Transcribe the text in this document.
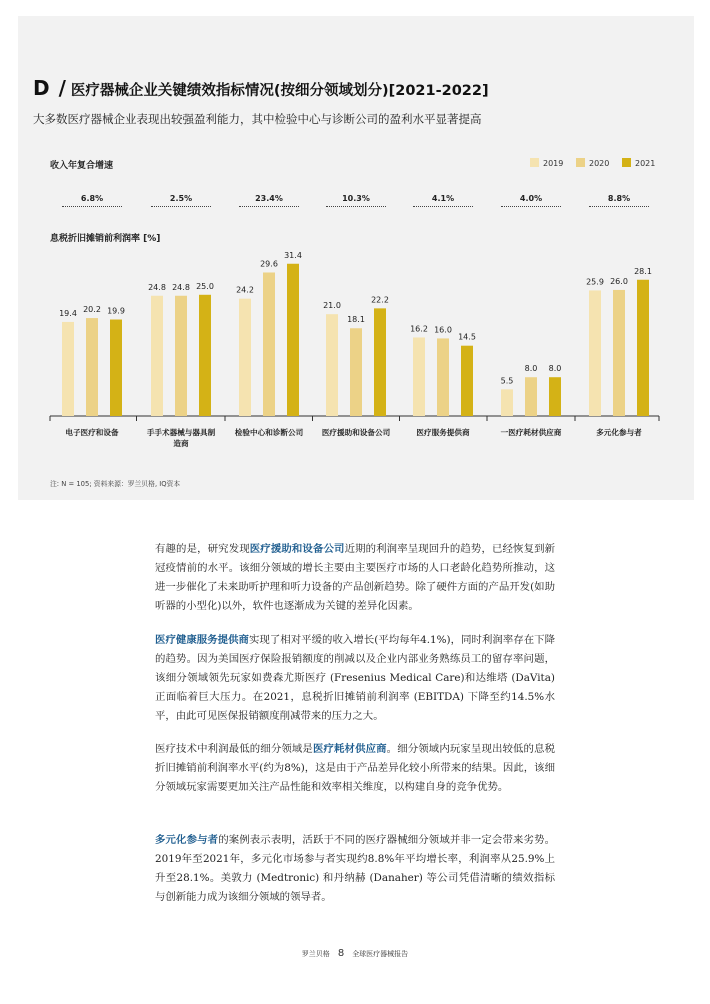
D / 医疗器械企业关键绩效指标情况(按细分领域划分)[2021-2022]
大多数医疗器械企业表现出较强盈利能力，其中检验中心与诊断公司的盈利水平显著提高
收入年复合增速	2019	2020	2021
6.8%	2.5%	23.4%	10.3%	4.1%	4.0%	8.8%
息税折旧摊销前利润率 [%]
19.4 20.2 19.9
24.8 24.8 25.0	24.2
29.6
31.4
21.0
18.1
22.2
16.2 16.0
14.5
5.5
8.0 8.0
25.9 26.0
28.1
电子医疗和设备	手手术器械与器具制
造商
检验中心和诊断公司	医疗援助和设备公司	医疗服务提供商	一医疗耗材供应商	多元化参与者
注: N = 105; 资料来源：罗兰贝格, IQ资本
有趣的是，研究发现医疗援助和设备公司近期的利润率呈现回升的趋势，已经恢复到新冠疫情前的水平。该细分领域的增长主要由主要医疗市场的人口老龄化趋势所推动，这进一步催化了未来助听护理和听力设备的产品创新趋势。除了硬件方面的产品开发(如助听器的小型化)以外，软件也逐渐成为关键的差异化因素。
医疗健康服务提供商实现了相对平缓的收入增长(平均每年4.1%)，同时利润率存在下降的趋势。因为美国医疗保险报销额度的削减以及企业内部业务熟练员工的留存率问题，该细分领域领先玩家如费森尤斯医疗 (Fresenius Medical Care)和达维塔 (DaVita) 正面临着巨大压力。在2021，息税折旧摊销前利润率 (EBITDA) 下降至约14.5%水平，由此可见医保报销额度削减带来的压力之大。
医疗技术中利润最低的细分领域是医疗耗材供应商。细分领域内玩家呈现出较低的息税折旧摊销前利润率水平(约为8%)，这是由于产品差异化较小所带来的结果。因此，该细分领域玩家需要更加关注产品性能和效率相关维度，以构建自身的竞争优势。
多元化参与者的案例表示表明，活跃于不同的医疗器械细分领域并非一定会带来劣势。2019年至2021年，多元化市场参与者实现约8.8%年平均增长率，利润率从25.9%上升至28.1%。美敦力 (Medtronic) 和丹纳赫 (Danaher) 等公司凭借清晰的绩效指标与创新能力成为该细分领域的领导者。
罗兰贝格 8 全球医疗器械报告
